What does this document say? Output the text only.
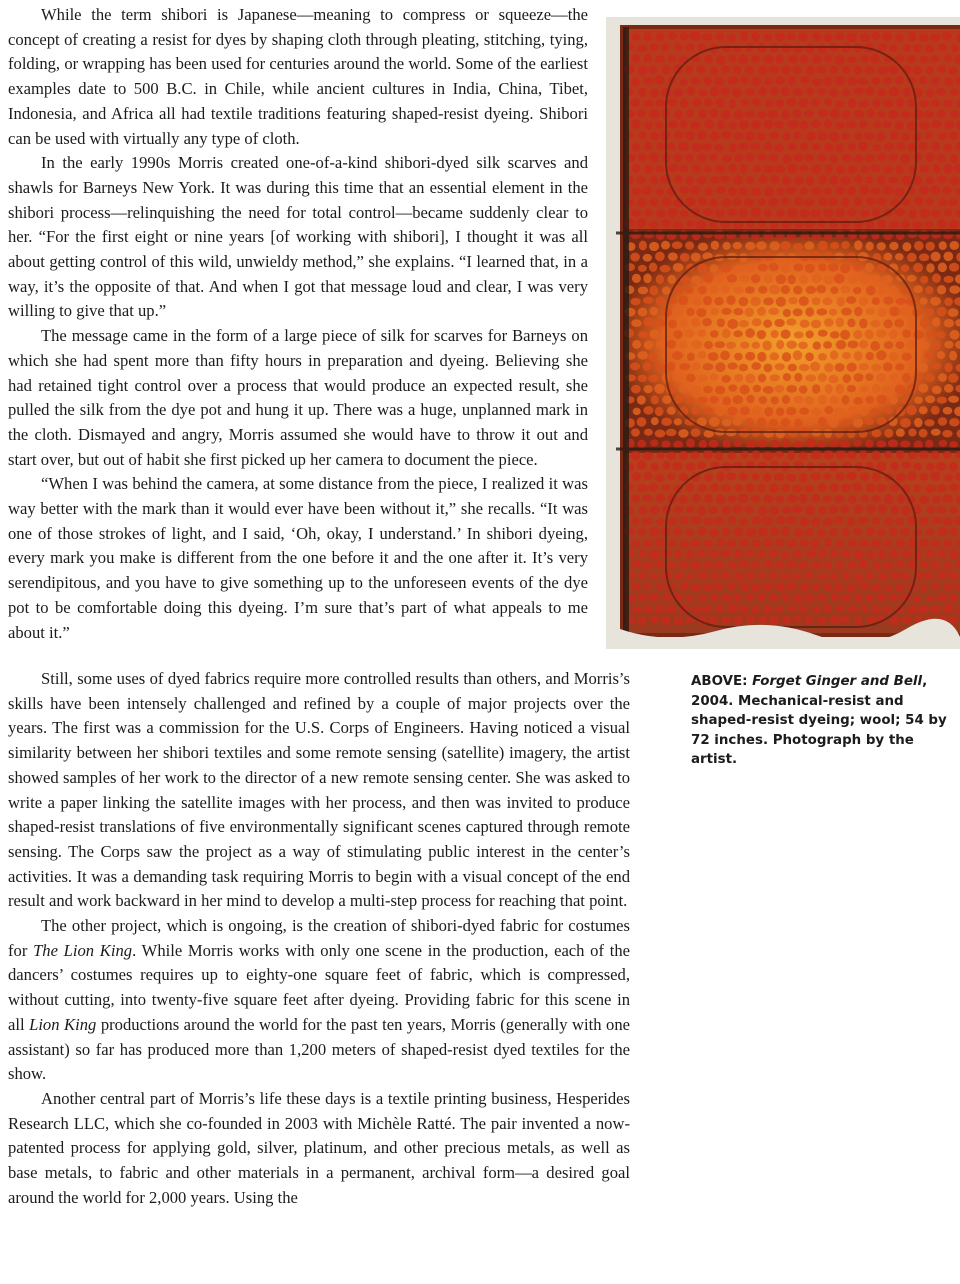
While the term shibori is Japanese—meaning to compress or squeeze—the concept of creating a resist for dyes by shaping cloth through pleating, stitching, tying, folding, or wrapping has been used for centuries around the world. Some of the earliest examples date to 500 B.C. in Chile, while ancient cultures in India, China, Tibet, Indonesia, and Africa all had textile traditions featuring shaped-resist dyeing. Shibori can be used with virtually any type of cloth.

In the early 1990s Morris created one-of-a-kind shibori-dyed silk scarves and shawls for Barneys New York. It was during this time that an essential element in the shibori process—relinquishing the need for total control—became suddenly clear to her. “For the first eight or nine years [of working with shibori], I thought it was all about getting control of this wild, unwieldy method,” she explains. “I learned that, in a way, it’s the opposite of that. And when I got that message loud and clear, I was very willing to give that up.”

The message came in the form of a large piece of silk for scarves for Barneys on which she had spent more than fifty hours in preparation and dyeing. Believing she had retained tight control over a process that would produce an expected result, she pulled the silk from the dye pot and hung it up. There was a huge, unplanned mark in the cloth. Dismayed and angry, Morris assumed she would have to throw it out and start over, but out of habit she first picked up her camera to document the piece.

“When I was behind the camera, at some distance from the piece, I realized it was way better with the mark than it would ever have been without it,” she recalls. “It was one of those strokes of light, and I said, ‘Oh, okay, I understand.’ In shibori dyeing, every mark you make is different from the one before it and the one after it. It’s very serendipitous, and you have to give something up to the unforeseen events of the dye pot to be comfortable doing this dyeing. I’m sure that’s part of what appeals to me about it.”

ABOVE: Forget Ginger and Bell, 2004. Mechanical-resist and shaped-resist dyeing; wool; 54 by 72 inches. Photograph by the artist.

Still, some uses of dyed fabrics require more controlled results than others, and Morris’s skills have been intensely challenged and refined by a couple of major projects over the years. The first was a commission for the U.S. Corps of Engineers. Having noticed a visual similarity between her shibori textiles and some remote sensing (satellite) imagery, the artist showed samples of her work to the director of a new remote sensing center. She was asked to write a paper linking the satellite images with her process, and then was invited to produce shaped-resist translations of five environmentally significant scenes captured through remote sensing. The Corps saw the project as a way of stimulating public interest in the center’s activities. It was a demanding task requiring Morris to begin with a visual concept of the end result and work backward in her mind to develop a multi-step process for reaching that point.

The other project, which is ongoing, is the creation of shibori-dyed fabric for costumes for The Lion King. While Morris works with only one scene in the production, each of the dancers’ costumes requires up to eighty-one square feet of fabric, which is compressed, without cutting, into twenty-five square feet after dyeing. Providing fabric for this scene in all Lion King productions around the world for the past ten years, Morris (generally with one assistant) so far has produced more than 1,200 meters of shaped-resist dyed textiles for the show.

Another central part of Morris’s life these days is a textile printing business, Hesperides Research LLC, which she co-founded in 2003 with Michèle Ratté. The pair invented a now-patented process for applying gold, silver, platinum, and other precious metals, as well as base metals, to fabric and other materials in a permanent, archival form—a desired goal around the world for 2,000 years. Using the
